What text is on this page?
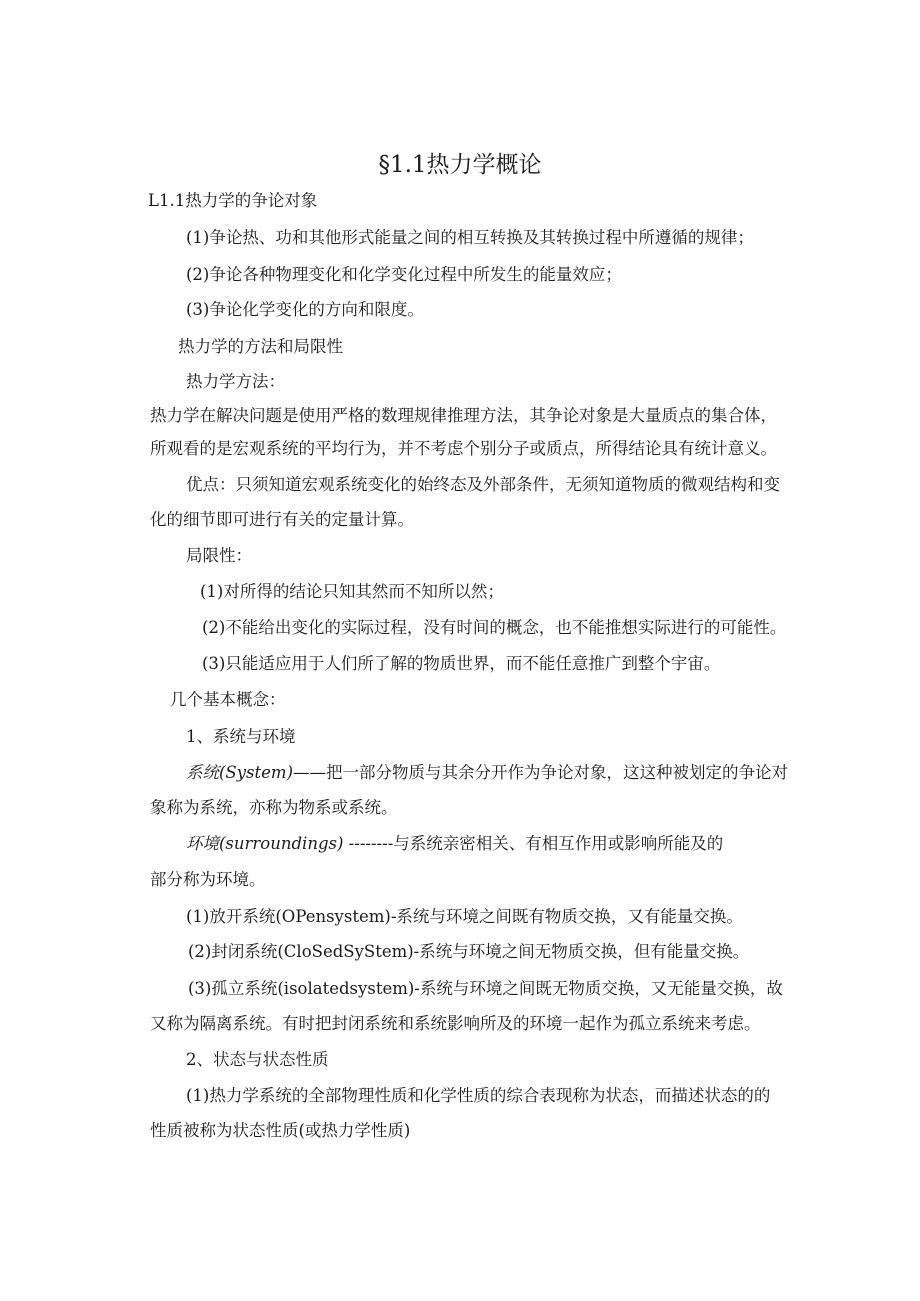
§1.1热力学概论
L1.1热力学的争论对象
(1)争论热、功和其他形式能量之间的相互转换及其转换过程中所遵循的规律；
(2)争论各种物理变化和化学变化过程中所发生的能量效应；
(3)争论化学变化的方向和限度。
热力学的方法和局限性
热力学方法：
热力学在解决问题是使用严格的数理规律推理方法，其争论对象是大量质点的集合体，
所观看的是宏观系统的平均行为，并不考虑个别分子或质点，所得结论具有统计意义。
优点：只须知道宏观系统变化的始终态及外部条件，无须知道物质的微观结构和变
化的细节即可进行有关的定量计算。
局限性：
(1)对所得的结论只知其然而不知所以然；
(2)不能给出变化的实际过程，没有时间的概念，也不能推想实际进行的可能性。
(3)只能适应用于人们所了解的物质世界，而不能任意推广到整个宇宙。
几个基本概念：
1、系统与环境
系统(System)——把一部分物质与其余分开作为争论对象，这这种被划定的争论对
象称为系统，亦称为物系或系统。
环境(surroundings) --------与系统亲密相关、有相互作用或影响所能及的
部分称为环境。
(1)放开系统(OPensystem)-系统与环境之间既有物质交换，又有能量交换。
(2)封闭系统(CloSedSyStem)-系统与环境之间无物质交换，但有能量交换。
(3)孤立系统(isolatedsystem)-系统与环境之间既无物质交换，又无能量交换，故
又称为隔离系统。有时把封闭系统和系统影响所及的环境一起作为孤立系统来考虑。
2、状态与状态性质
(1)热力学系统的全部物理性质和化学性质的综合表现称为状态，而描述状态的的
性质被称为状态性质(或热力学性质)
